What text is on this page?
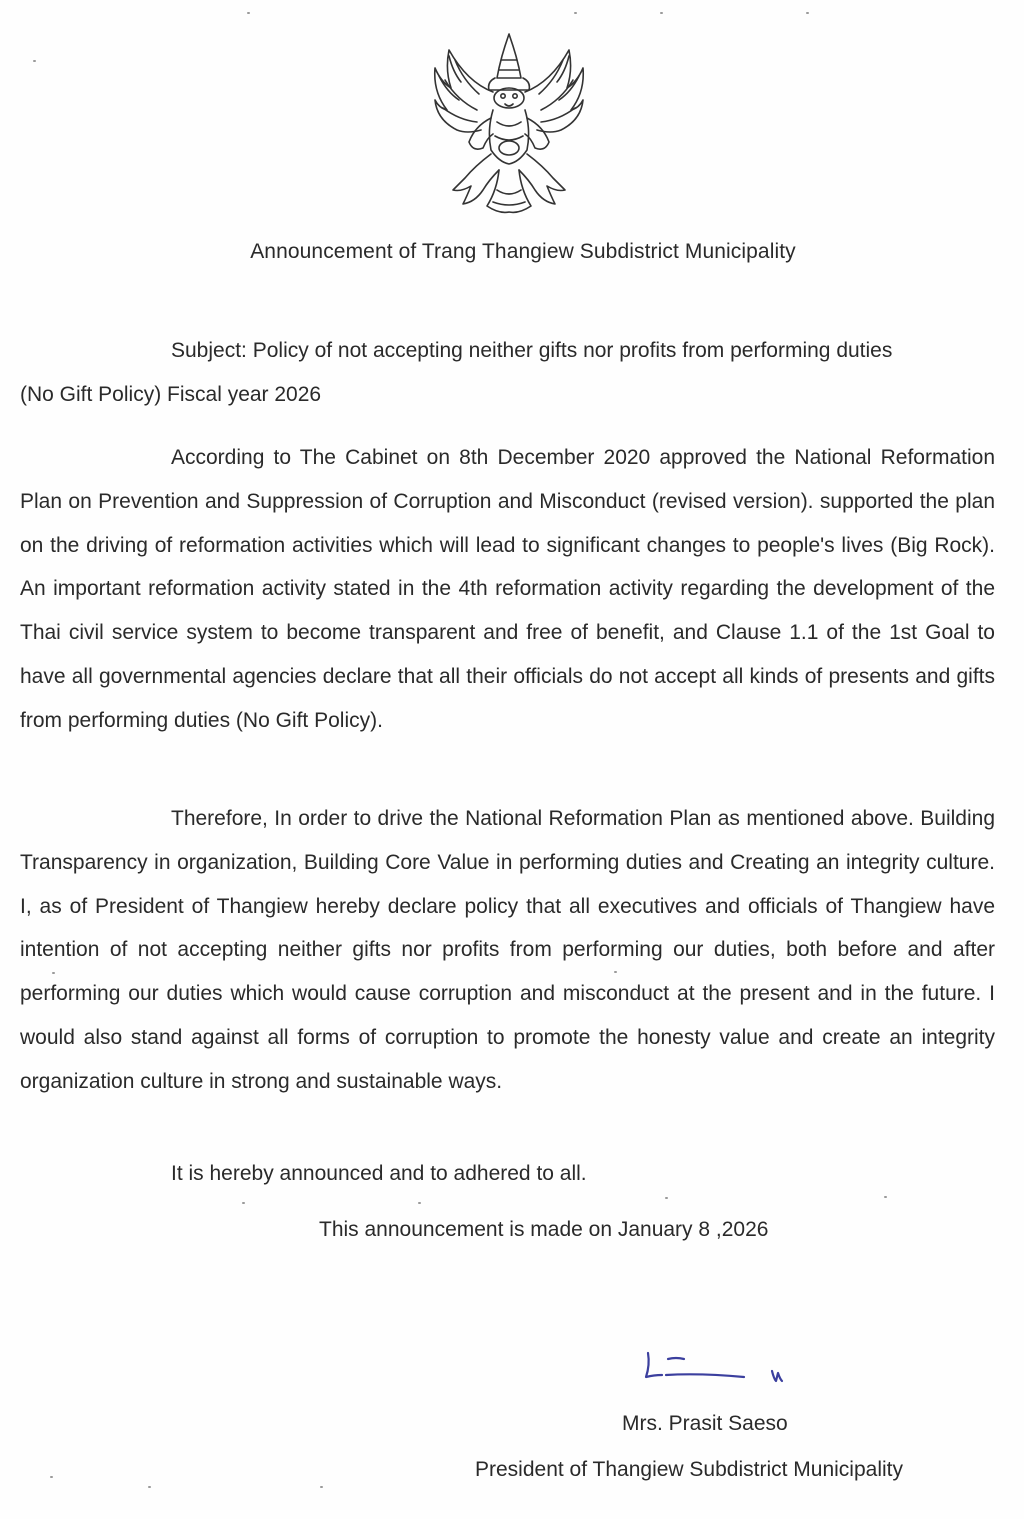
Announcement of Trang Thangiew Subdistrict Municipality
Subject: Policy of not accepting neither gifts nor profits from performing duties
(No Gift Policy) Fiscal year 2026
According to The Cabinet on 8th December 2020 approved the National Reformation Plan on Prevention and Suppression of Corruption and Misconduct (revised version). supported the plan on the driving of reformation activities which will lead to significant changes to people's lives (Big Rock). An important reformation activity stated in the 4th reformation activity regarding the development of the Thai civil service system to become transparent and free of benefit, and Clause 1.1 of the 1st Goal to have all governmental agencies declare that all their officials do not accept all kinds of presents and gifts from performing duties (No Gift Policy).
Therefore, In order to drive the National Reformation Plan as mentioned above. Building Transparency in organization, Building Core Value in performing duties and Creating an integrity culture. I, as of President of Thangiew hereby declare policy that all executives and officials of Thangiew have intention of not accepting neither gifts nor profits from performing our duties, both before and after performing our duties which would cause corruption and misconduct at the present and in the future. I would also stand against all forms of corruption to promote the honesty value and create an integrity organization culture in strong and sustainable ways.
It is hereby announced and to adhered to all.
This announcement is made on January 8 ,2026
Mrs. Prasit Saeso
President of Thangiew Subdistrict Municipality
